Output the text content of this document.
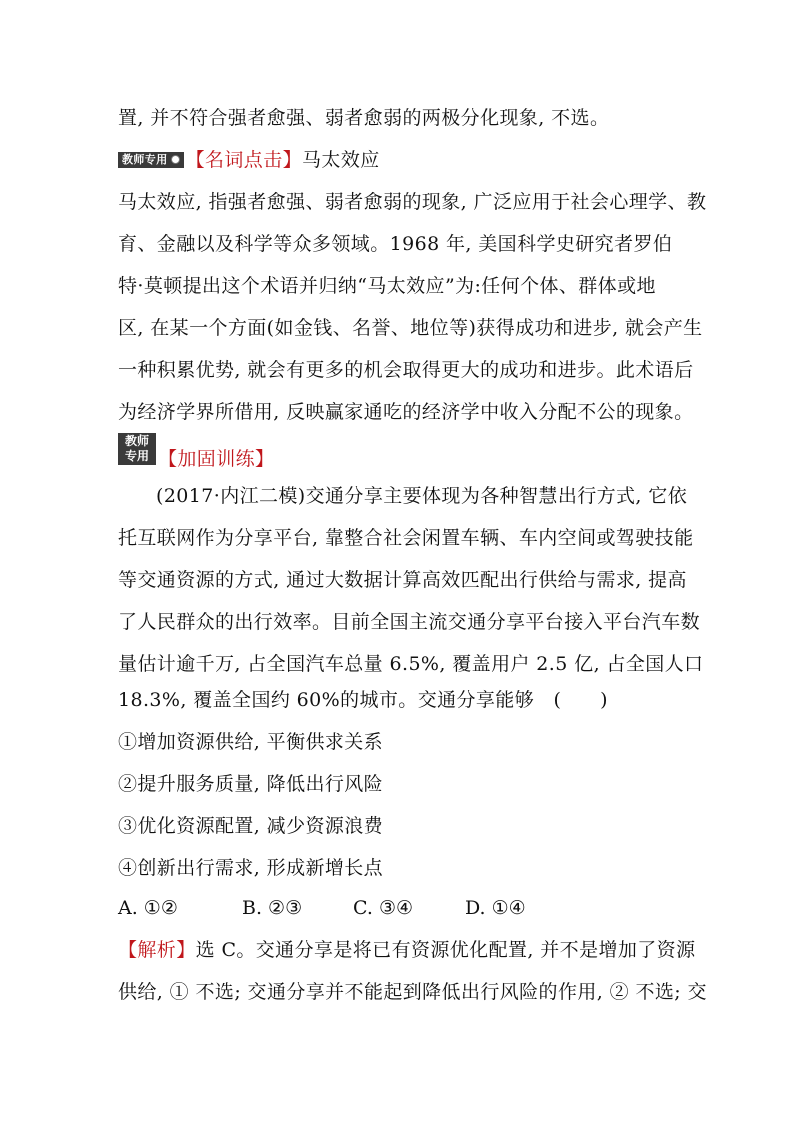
置, 并不符合强者愈强、弱者愈弱的两极分化现象, 不选。
教师专用 【名词点击】马太效应
马太效应, 指强者愈强、弱者愈弱的现象, 广泛应用于社会心理学、教
育、金融以及科学等众多领域。1968 年, 美国科学史研究者罗伯
特·莫顿提出这个术语并归纳“马太效应”为:任何个体、群体或地
区, 在某一个方面(如金钱、名誉、地位等)获得成功和进步, 就会产生
一种积累优势, 就会有更多的机会取得更大的成功和进步。此术语后
为经济学界所借用, 反映赢家通吃的经济学中收入分配不公的现象。
教师
专用 【加固训练】
(2017·内江二模)交通分享主要体现为各种智慧出行方式, 它依
托互联网作为分享平台, 靠整合社会闲置车辆、车内空间或驾驶技能
等交通资源的方式, 通过大数据计算高效匹配出行供给与需求, 提高
了人民群众的出行效率。目前全国主流交通分享平台接入平台汽车数
量估计逾千万, 占全国汽车总量 6.5%, 覆盖用户 2.5 亿, 占全国人口
18.3%, 覆盖全国约 60%的城市。交通分享能够　(　　)
①增加资源供给, 平衡供求关系
②提升服务质量, 降低出行风险
③优化资源配置, 减少资源浪费
④创新出行需求, 形成新增长点
A. ①②	B. ②③	C. ③④	D. ①④
【解析】选 C。交通分享是将已有资源优化配置, 并不是增加了资源
供给, ① 不选; 交通分享并不能起到降低出行风险的作用, ② 不选; 交
